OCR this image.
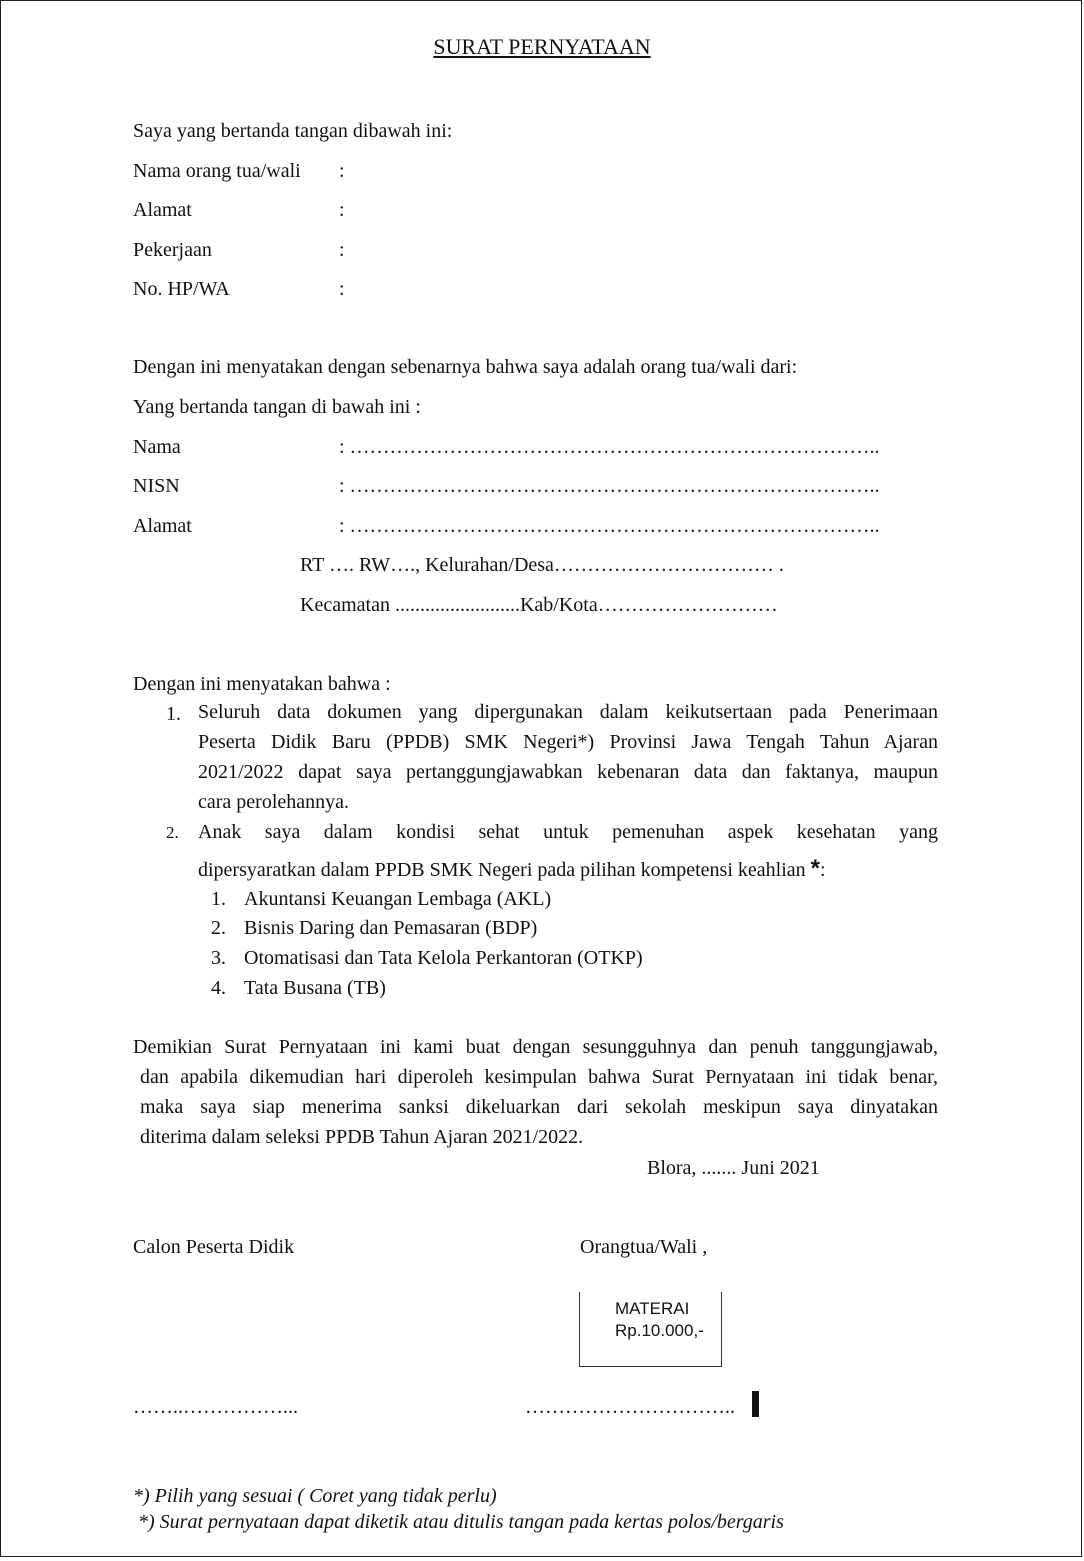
SURAT PERNYATAAN
Saya yang bertanda tangan dibawah ini:
Nama orang tua/wali :
Alamat	:
Pekerjaan	:
No. HP/WA	:
Dengan ini menyatakan dengan sebenarnya bahwa saya adalah orang tua/wali dari:
Yang bertanda tangan di bawah ini :
Nama	: ……………………………………………………………………..
NISN	: ……………………………………………………………………..
Alamat	: ……………………………………………………………………..
RT …. RW…., Kelurahan/Desa…………………………… .
Kecamatan .........................Kab/Kota………………………
Dengan ini menyatakan bahwa :
1. Seluruh data dokumen yang dipergunakan dalam keikutsertaan pada Penerimaan
Peserta Didik Baru (PPDB) SMK Negeri*) Provinsi Jawa Tengah Tahun Ajaran
2021/2022 dapat saya pertanggungjawabkan kebenaran data dan faktanya, maupun
cara perolehannya.
2. Anak saya dalam kondisi sehat untuk pemenuhan aspek kesehatan yang
dipersyaratkan dalam PPDB SMK Negeri pada pilihan kompetensi keahlian *:
1. Akuntansi Keuangan Lembaga (AKL)
2. Bisnis Daring dan Pemasaran (BDP)
3. Otomatisasi dan Tata Kelola Perkantoran (OTKP)
4. Tata Busana (TB)
Demikian Surat Pernyataan ini kami buat dengan sesungguhnya dan penuh tanggungjawab,
dan apabila dikemudian hari diperoleh kesimpulan bahwa Surat Pernyataan ini tidak benar,
maka saya siap menerima sanksi dikeluarkan dari sekolah meskipun saya dinyatakan
diterima dalam seleksi PPDB Tahun Ajaran 2021/2022.
Blora, ....... Juni 2021
Calon Peserta Didik	Orangtua/Wali ,
MATERAI
Rp.10.000,-
……..……………...	…………………………..
*) Pilih yang sesuai ( Coret yang tidak perlu)
*) Surat pernyataan dapat diketik atau ditulis tangan pada kertas polos/bergaris
